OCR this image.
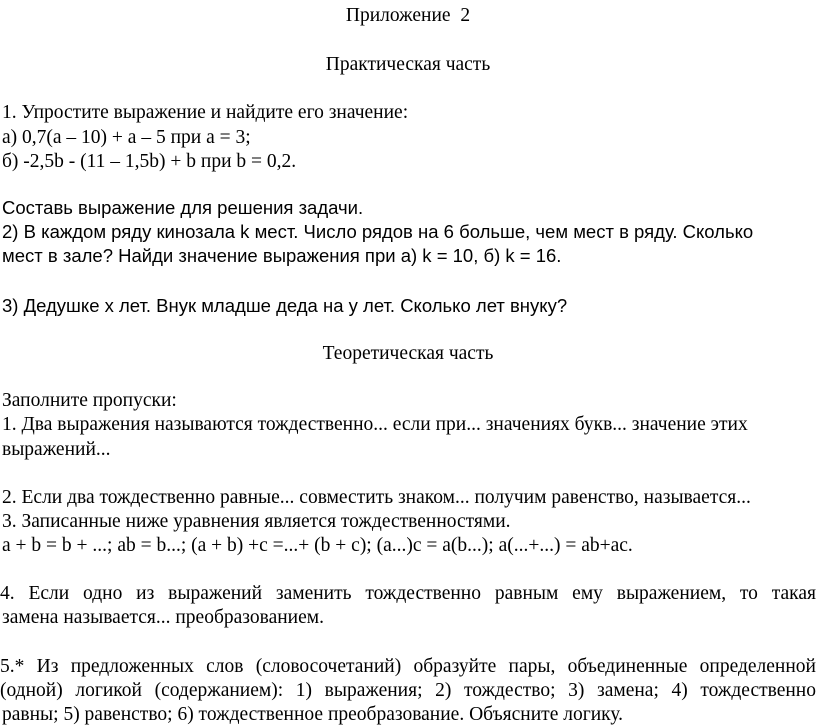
Приложение  2
Практическая часть
1. Упростите выражение и найдите его значение:
а) 0,7(а – 10) + а – 5 при а = 3;
б) -2,5b - (11 – 1,5b) + b при b = 0,2.
Составь выражение для решения задачи.
2) В каждом ряду кинозала k мест. Число рядов на 6 больше, чем мест в ряду. Сколько
мест в зале? Найди значение выражения при а) k = 10, б) k = 16.
3) Дедушке х лет. Внук младше деда на у лет. Сколько лет внуку?
Теоретическая часть
Заполните пропуски:
1. Два выражения называются тождественно... если при... значениях букв... значение этих
выражений...
2. Если два тождественно равные... совместить знаком... получим равенство, называется...
3. Записанные ниже уравнения является тождественностями.
а + b = b + ...; ab = b...; (a + b) +c =...+ (b + c); (a...)c = a(b...); a(...+...) = ab+ac.
4. Если одно из выражений заменить тождественно равным ему выражением, то такая
замена называется... преобразованием.
5.* Из предложенных слов (словосочетаний) образуйте пары, объединенные определенной
(одной) логикой (содержанием): 1) выражения; 2) тождество; 3) замена; 4) тождественно
равны; 5) равенство; 6) тождественное преобразование. Объясните логику.
